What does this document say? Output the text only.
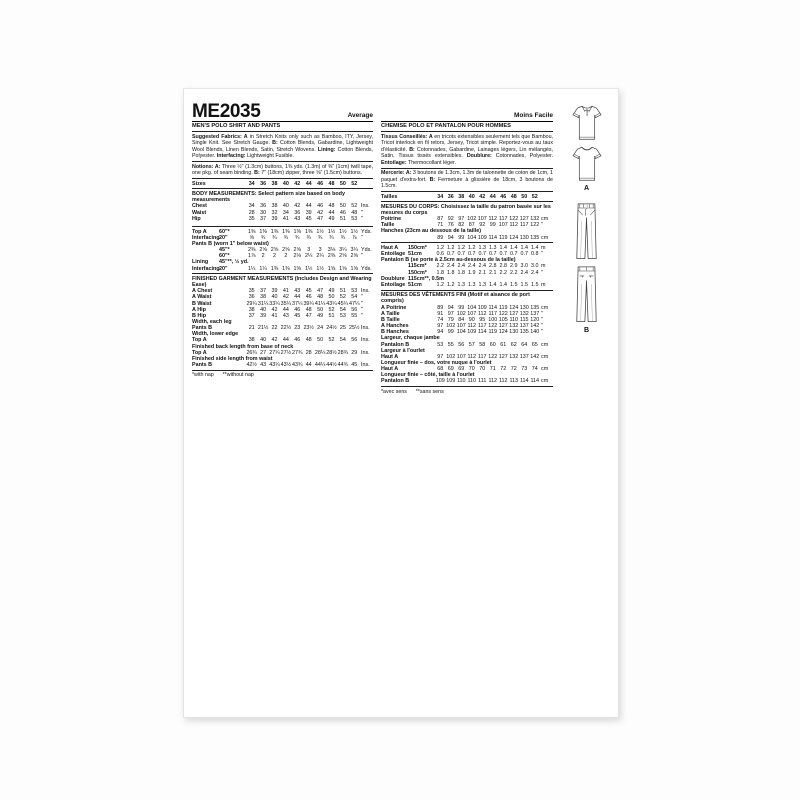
ME2035	Average
MEN'S POLO SHIRT AND PANTS

Suggested Fabrics: A in Stretch Knits only such as Bamboo, ITY, Jersey, Single Knit. See Stretch Gauge. B: Cotton Blends, Gabardine, Lightweight Wool Blends, Linen Blends, Satin, Stretch Wovens. Lining: Cotton Blends, Polyester. Interfacing: Lightweight Fusible.

Notions: A: Three ½" (1.3cm) buttons, 1⅜ yds. (1.3m) of ⅜" (1cm) twill tape, one pkg. of seam binding. B: 7" (18cm) zipper, three ⅝" (1.5cm) buttons.

Sizes	34	36 38	40 42	44	46 48	50 52
BODY MEASUREMENTS: Select pattern size based on body measurements
Chest	34	36 38	40 42	44	46 48	50 52 Ins.
Waist	28	30 32	34 36	39	42 44	46 48 "
Hip	35	37 39	41 43	45	47 49	51 53 "
Top A 60"*	1⅜ 1⅜ 1⅜ 1⅜ 1⅜ 1⅜ 1½ 1½ 1½ 1½ Yds.
Interfacing 20"	⅝	¾	¾	¾	¾	¾	¾	¾	¾	⅞ "
Pants B (worn 1" below waist)
45"*	2⅜ 2⅝ 2⅝ 2⅝ 2⅝	3	3	3⅛ 3¼ 3¼ Yds.
60"*	1⅞	2	2	2	2⅛ 2¼ 2¼ 2⅜ 2⅝ 2⅝ "
Lining 45"**, ½ yd.
Interfacing 20"	1¼ 1¼ 1⅜ 1⅜ 1⅜ 1½ 1½ 1⅝ 1⅝ 1⅝ Yds.
FINISHED GARMENT MEASUREMENTS (Includes Design and Wearing Ease)
A Chest	35	37 39	41 43	45	47 49	51 53 Ins.
A Waist	36	38 40	42 44	46	48 50	52 54 "
B Waist	29¼ 31¼ 33¼ 35¼ 37¼ 39¼ 41¼ 43¼ 45¼ 47¼ "
A Hip	38	40 42	44 46	48	50 52	54 56 "
B Hip	37	39 41	43 45	47	49 51	53 55 "
Width, each leg
Pants B	21 21½ 22 22½ 23 23½ 24 24½ 25 25½ Ins.
Width, lower edge
Top A	38	40 42	44 46	48	50 52	54 56 Ins.
Finished back length from base of neck
Top A	26¾ 27 27¼ 27½ 27¾ 28 28¼ 28½ 28¾ 29 Ins.
Finished side length from waist
Pants B	42½ 43 43¼ 43½ 43¾ 44 44¼ 44½ 44¾ 45 Ins.
*with nap      **without nap
Moins Facile
CHEMISE POLO ET PANTALON POUR HOMMES

Tissus Conseillés: A en tricots extensibles seulement tels que Bambou, Tricot interlock en fil retors, Jersey, Tricot simple. Reportez-vous au taux d'élasticité. B: Cotonnades, Gabardine, Lainages légers, Lin mélangés, Satin, Tissus tissés extensibles. Doublure: Cotonnades, Polyester. Entoilage: Thermocollant léger.

Mercerie: A: 3 boutons de 1.3cm, 1.3m de talonnette de coton de 1cm, 1 paquet d'extra-fort. B: Fermeture à glissière de 18cm, 3 boutons de 1.5cm.

Tailles	34 36 38 40 42 44 46 48 50 52
MESURES DU CORPS: Choisissez la taille du patron basée sur les mesures du corps
Poitrine	87 92 97 102 107 112 117 122 127 132 cm
Taille	71 76 82 87 92 99 107 112 117 122 "
Hanches (23cm au dessous de la taille)
89 94 99 104 109 114 119 124 130 135 cm
Haut A 150cm* 1.2 1.2 1.2 1.2 1.3 1.3 1.4 1.4 1.4 1.4 m
Entoilage 51cm	0.6 0.7 0.7 0.7 0.7 0.7 0.7 0.7 0.7 0.8 "
Pantalon B (se porte à 2.5cm au-dessous de la taille)
115cm* 2.2 2.4 2.4 2.4 2.4 2.8 2.8 2.9 3.0 3.0 m
150cm* 1.8 1.8 1.8 1.9 2.1 2.1 2.2 2.2 2.4 2.4 "
Doublure 115cm**, 0.5m
Entoilage 51cm	1.2 1.2 1.3 1.3 1.3 1.4 1.4 1.5 1.5 1.5 m
MESURES DES VÊTEMENTS FINI (Motif et aisance de port compris)
A Poitrine	89 94 99 104 109 114 119 124 130 135 cm
A Taille	91 97 102 107 112 117 122 127 132 137 "
B Taille	74 79 84 90 95 100 105 110 115 120 "
A Hanches	97 102 107 112 117 122 127 132 137 142 "
B Hanches	94 99 104 109 114 119 124 130 135 140 "
Largeur, chaque jambe
Pantalon B	53 55 56 57 58 60 61 62 64 65 cm
Largeur à l'ourlet
Haut A	97 102 107 112 117 122 127 132 137 142 cm
Longueur finie – dos, votre nuque à l'ourlet
Haut A	68 69 69 70 70 71 72 72 73 74 cm
Longueur finie – côté, taille à l'ourlet
Pantalon B	109 109 110 110 111 112 112 113 114 114 cm
*avec sens      **sans sens
A
B
